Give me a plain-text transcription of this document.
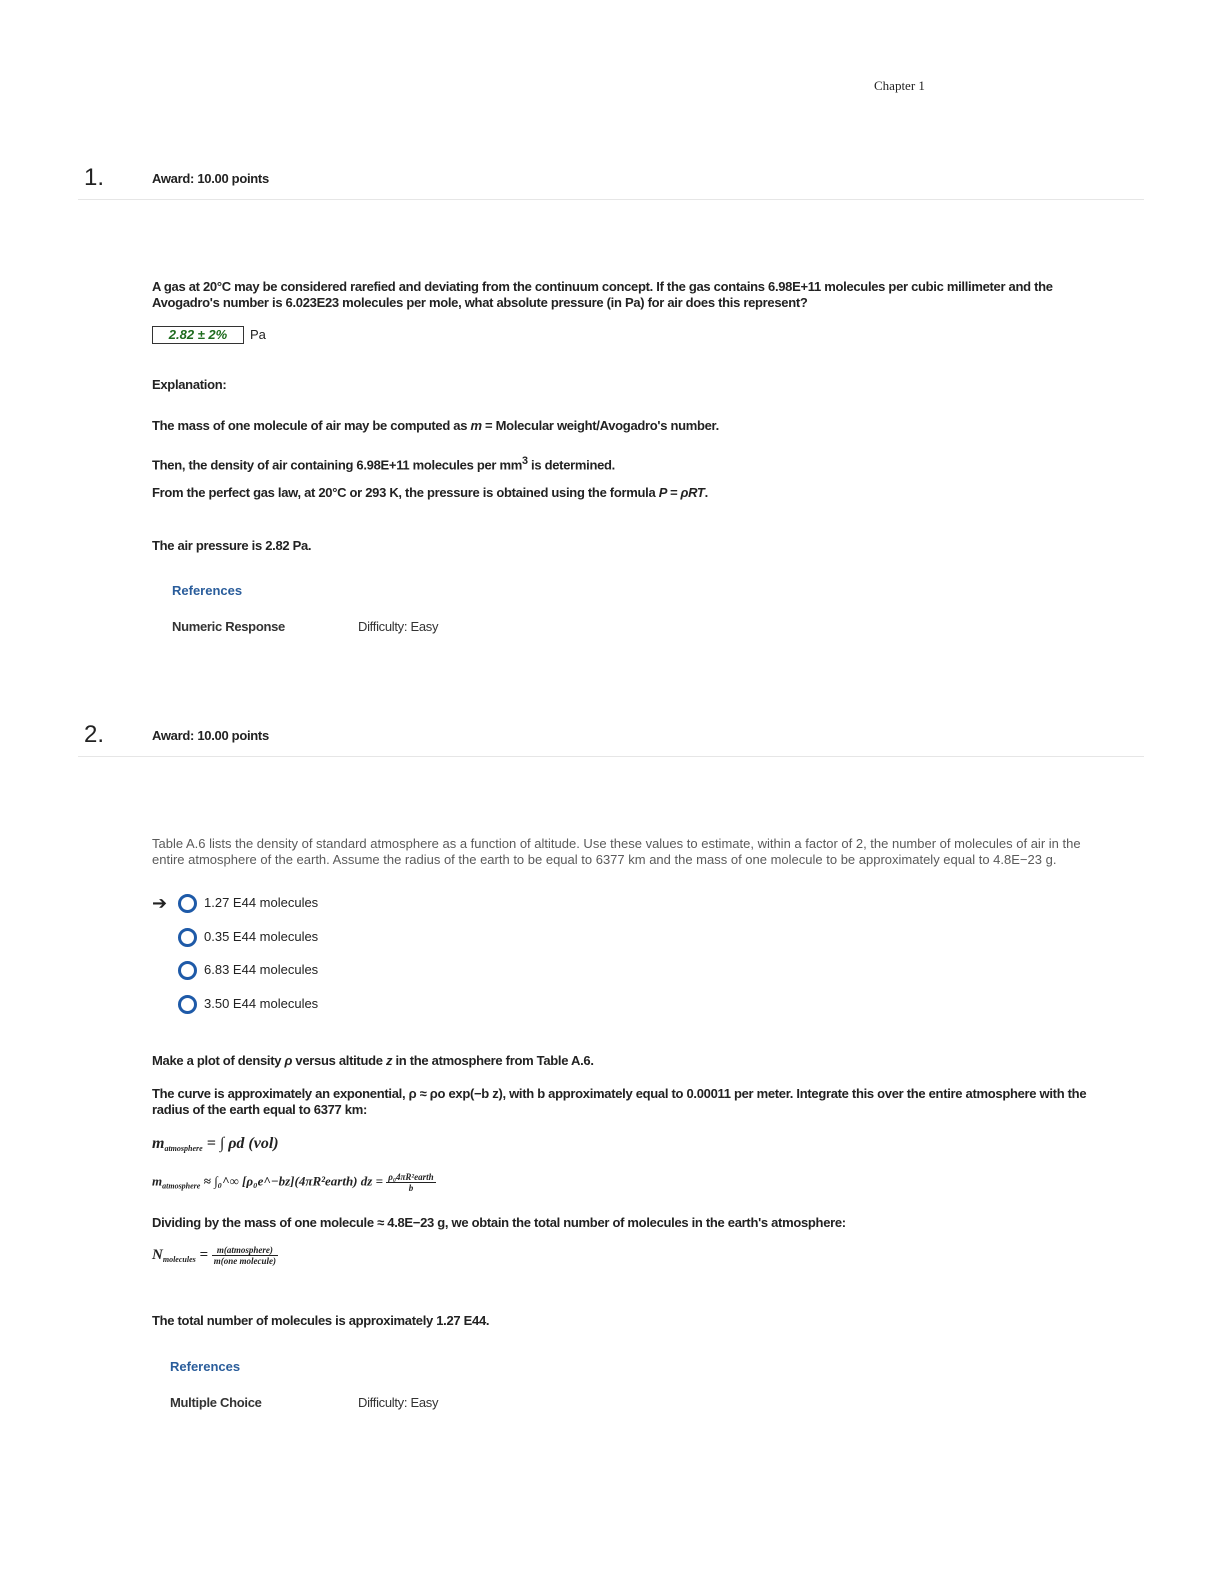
Chapter 1
1.	Award: 10.00 points
A gas at 20°C may be considered rarefied and deviating from the continuum concept. If the gas contains 6.98E+11 molecules per cubic millimeter and the
Avogadro's number is 6.023E23 molecules per mole, what absolute pressure (in Pa) for air does this represent?
2.82 ± 2%	Pa
Explanation:
The mass of one molecule of air may be computed as m = Molecular weight/Avogadro's number.
Then, the density of air containing 6.98E+11 molecules per $mm^3$ is determined.
From the perfect gas law, at 20°C or 293 K, the pressure is obtained using the formula P = ρRT.
The air pressure is 2.82 Pa.
References
Numeric Response	Difficulty: Easy
2.	Award: 10.00 points
Table A.6 lists the density of standard atmosphere as a function of altitude. Use these values to estimate, within a factor of 2, the number of molecules of air in the
entire atmosphere of the earth. Assume the radius of the earth to be equal to 6377 km and the mass of one molecule to be approximately equal to 4.8E−23 g.
➔	1.27 E44 molecules
0.35 E44 molecules
6.83 E44 molecules
3.50 E44 molecules
Make a plot of density ρ versus altitude z in the atmosphere from Table A.6.
The curve is approximately an exponential, ρ ≈ ρo exp(−b z), with b approximately equal to 0.00011 per meter. Integrate this over the entire atmosphere with the
radius of the earth equal to 6377 km:
$m_{atmosphere}$ = ∫ ρd (vol)
$m_{atmosphere}$ ≈ ∫₀^∞ [ρ₀e^−bz](4πR²earth) dz = $\frac{\text{ρ₀4πR²earth}}{b}$
Dividing by the mass of one molecule ≈ 4.8E−23 g, we obtain the total number of molecules in the earth's atmosphere:
$N_{molecules} = \frac{\text{m(atmosphere)}}{\text{m(one molecule)}}$
The total number of molecules is approximately 1.27 E44.
References
Multiple Choice	Difficulty: Easy
